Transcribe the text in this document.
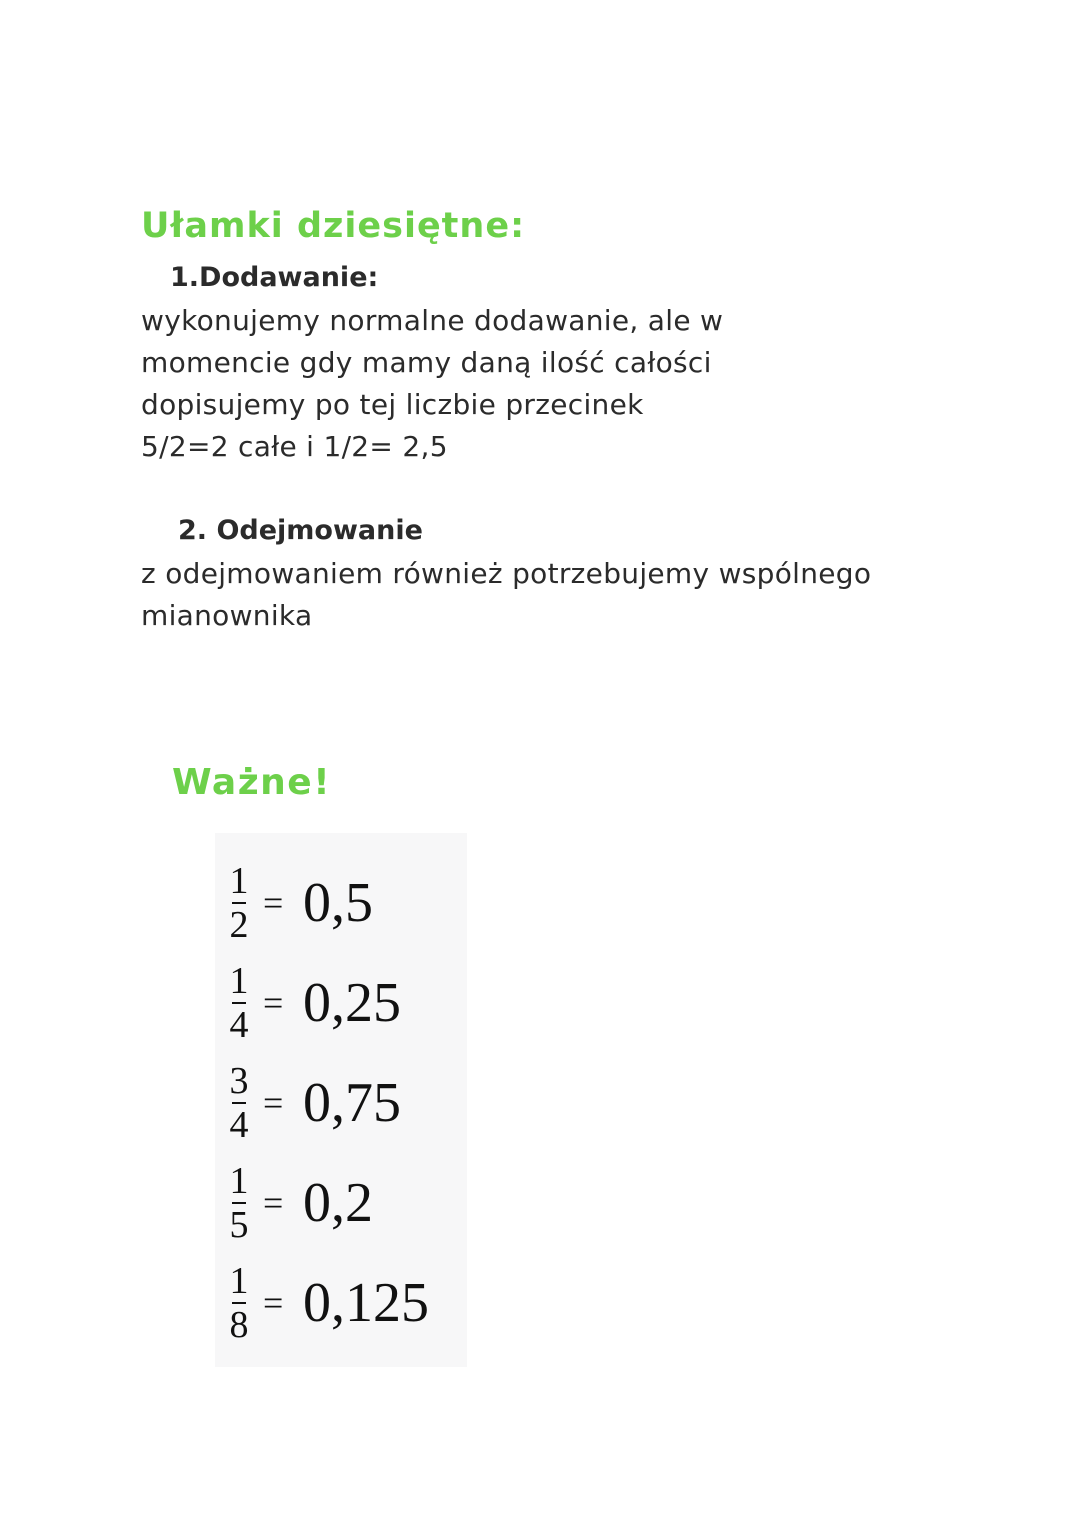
Ułamki dziesiętne:
1.Dodawanie:

wykonujemy normalne dodawanie, ale w
momencie gdy mamy daną ilość całości
dopisujemy po tej liczbie przecinek
5/2=2 całe i 1/2= 2,5

2. Odejmowanie

z odejmowaniem również potrzebujemy wspólnego
mianownika

Ważne!
1
2
= 0,5
1
4
= 0,25
3
4
= 0,75
1
5
= 0,2
1
8
= 0,125
